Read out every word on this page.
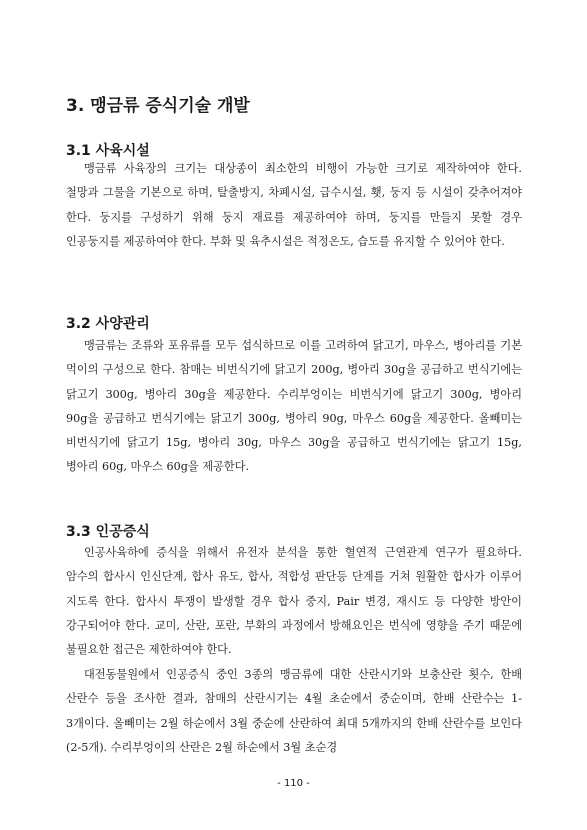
3. 맹금류 증식기술 개발
3.1 사육시설

맹금류 사육장의 크기는 대상종이 최소한의 비행이 가능한 크기로 제작하여야 한다. 철망과 그물을 기본으로 하며, 탈출방지, 차폐시설, 급수시설, 횃, 둥지 등 시설이 갖추어져야 한다. 둥지를 구성하기 위해 둥지 재료를 제공하여야 하며, 둥지를 만들지 못할 경우 인공둥지를 제공하여야 한다. 부화 및 육추시설은 적정온도, 습도를 유지할 수 있어야 한다.

3.2 사양관리

맹금류는 조류와 포유류를 모두 섭식하므로 이를 고려하여 닭고기, 마우스, 병아리를 기본 먹이의 구성으로 한다. 참매는 비번식기에 닭고기 200g, 병아리 30g을 공급하고 번식기에는 닭고기 300g, 병아리 30g을 제공한다. 수리부엉이는 비번식기에 닭고기 300g, 병아리 90g을 공급하고 번식기에는 닭고기 300g, 병아리 90g, 마우스 60g을 제공한다. 올빼미는 비번식기에 닭고기 15g, 병아리 30g, 마우스 30g을 공급하고 번식기에는 닭고기 15g, 병아리 60g, 마우스 60g을 제공한다.

3.3 인공증식

인공사육하에 증식을 위해서 유전자 분석을 통한 혈연적 근연관계 연구가 필요하다. 암수의 합사시 인신단계, 합사 유도, 합사, 적합성 판단등 단계를 거쳐 원활한 합사가 이루어 지도록 한다. 합사시 투쟁이 발생할 경우 합사 중지, Pair 변경, 재시도 등 다양한 방안이 강구되어야 한다. 교미, 산란, 포란, 부화의 과정에서 방해요인은 번식에 영향을 주기 때문에 불필요한 접근은 제한하여야 한다.

대전동물원에서 인공증식 중인 3종의 맹금류에 대한 산란시기와 보충산란 횟수, 한배 산란수 등을 조사한 결과, 참매의 산란시기는 4월 초순에서 중순이며, 한배 산란수는 1-3개이다. 올빼미는 2월 하순에서 3월 중순에 산란하여 최대 5개까지의 한배 산란수를 보인다(2-5개). 수리부엉이의 산란은 2월 하순에서 3월 초순경

- 110 -
